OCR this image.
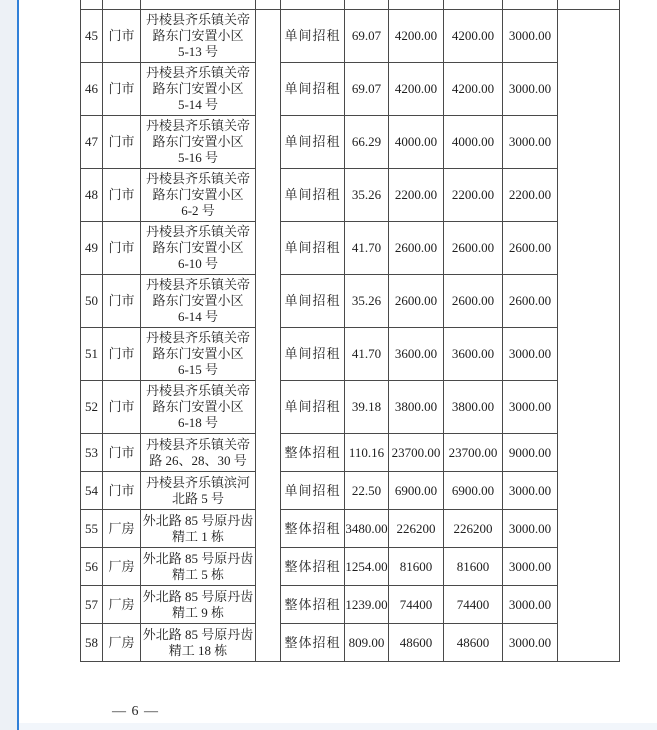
45	门市	丹棱县齐乐镇关帝
路东门安置小区
5-13 号		单间招租	69.07	4200.00	4200.00	3000.00	
46	门市	丹棱县齐乐镇关帝
路东门安置小区
5-14 号		单间招租	69.07	4200.00	4200.00	3000.00	
47	门市	丹棱县齐乐镇关帝
路东门安置小区
5-16 号		单间招租	66.29	4000.00	4000.00	3000.00	
48	门市	丹棱县齐乐镇关帝
路东门安置小区
6-2 号		单间招租	35.26	2200.00	2200.00	2200.00	
49	门市	丹棱县齐乐镇关帝
路东门安置小区
6-10 号		单间招租	41.70	2600.00	2600.00	2600.00	
50	门市	丹棱县齐乐镇关帝
路东门安置小区
6-14 号		单间招租	35.26	2600.00	2600.00	2600.00	
51	门市	丹棱县齐乐镇关帝
路东门安置小区
6-15 号		单间招租	41.70	3600.00	3600.00	3000.00	
52	门市	丹棱县齐乐镇关帝
路东门安置小区
6-18 号		单间招租	39.18	3800.00	3800.00	3000.00	
53	门市	丹棱县齐乐镇关帝
路 26、28、30 号		整体招租	110.16	23700.00	23700.00	9000.00	
54	门市	丹棱县齐乐镇滨河
北路 5 号		单间招租	22.50	6900.00	6900.00	3000.00	
55	厂房	外北路 85 号原丹齿
精工 1 栋		整体招租	3480.00	226200	226200	3000.00	
56	厂房	外北路 85 号原丹齿
精工 5 栋		整体招租	1254.00	81600	81600	3000.00	
57	厂房	外北路 85 号原丹齿
精工 9 栋		整体招租	1239.00	74400	74400	3000.00	
58	厂房	外北路 85 号原丹齿
精工 18 栋		整体招租	809.00	48600	48600	3000.00	
— 6 —
